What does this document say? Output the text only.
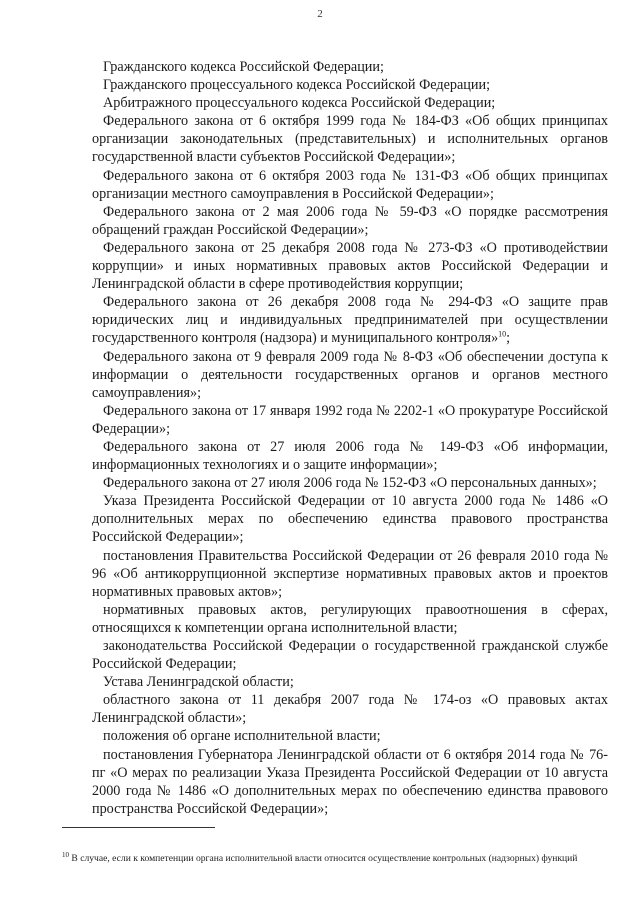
2

Гражданского кодекса Российской Федерации;

Гражданского процессуального кодекса Российской Федерации;

Арбитражного процессуального кодекса Российской Федерации;

Федерального закона от 6 октября 1999 года № 184-ФЗ «Об общих принципах организации законодательных (представительных) и исполнительных органов государственной власти субъектов Российской Федерации»;

Федерального закона от 6 октября 2003 года № 131-ФЗ «Об общих принципах организации местного самоуправления в Российской Федерации»;

Федерального закона от 2 мая 2006 года № 59-ФЗ «О порядке рассмотрения обращений граждан Российской Федерации»;

Федерального закона от 25 декабря 2008 года № 273-ФЗ «О противодействии коррупции» и иных нормативных правовых актов Российской Федерации и Ленинградской области в сфере противодействия коррупции;

Федерального закона от 26 декабря 2008 года № 294-ФЗ «О защите прав юридических лиц и индивидуальных предпринимателей при осуществлении государственного контроля (надзора) и муниципального контроля»$^{10}$;

Федерального закона от 9 февраля 2009 года № 8-ФЗ «Об обеспечении доступа к информации о деятельности государственных органов и органов местного самоуправления»;

Федерального закона от 17 января 1992 года № 2202-1 «О прокуратуре Российской Федерации»;

Федерального закона от 27 июля 2006 года № 149-ФЗ «Об информации, информационных технологиях и о защите информации»;

Федерального закона от 27 июля 2006 года № 152-ФЗ «О персональных данных»;

Указа Президента Российской Федерации от 10 августа 2000 года № 1486 «О дополнительных мерах по обеспечению единства правового пространства Российской Федерации»;

постановления Правительства Российской Федерации от 26 февраля 2010 года № 96 «Об антикоррупционной экспертизе нормативных правовых актов и проектов нормативных правовых актов»;

нормативных правовых актов, регулирующих правоотношения в сферах, относящихся к компетенции органа исполнительной власти;

законодательства Российской Федерации о государственной гражданской службе Российской Федерации;

Устава Ленинградской области;

областного закона от 11 декабря 2007 года № 174-оз «О правовых актах Ленинградской области»;

положения об органе исполнительной власти;

постановления Губернатора Ленинградской области от 6 октября 2014 года № 76-пг «О мерах по реализации Указа Президента Российской Федерации от 10 августа 2000 года № 1486 «О дополнительных мерах по обеспечению единства правового пространства Российской Федерации»;

$^{10}$ В случае, если к компетенции органа исполнительной власти относится осуществление контрольных (надзорных) функций
